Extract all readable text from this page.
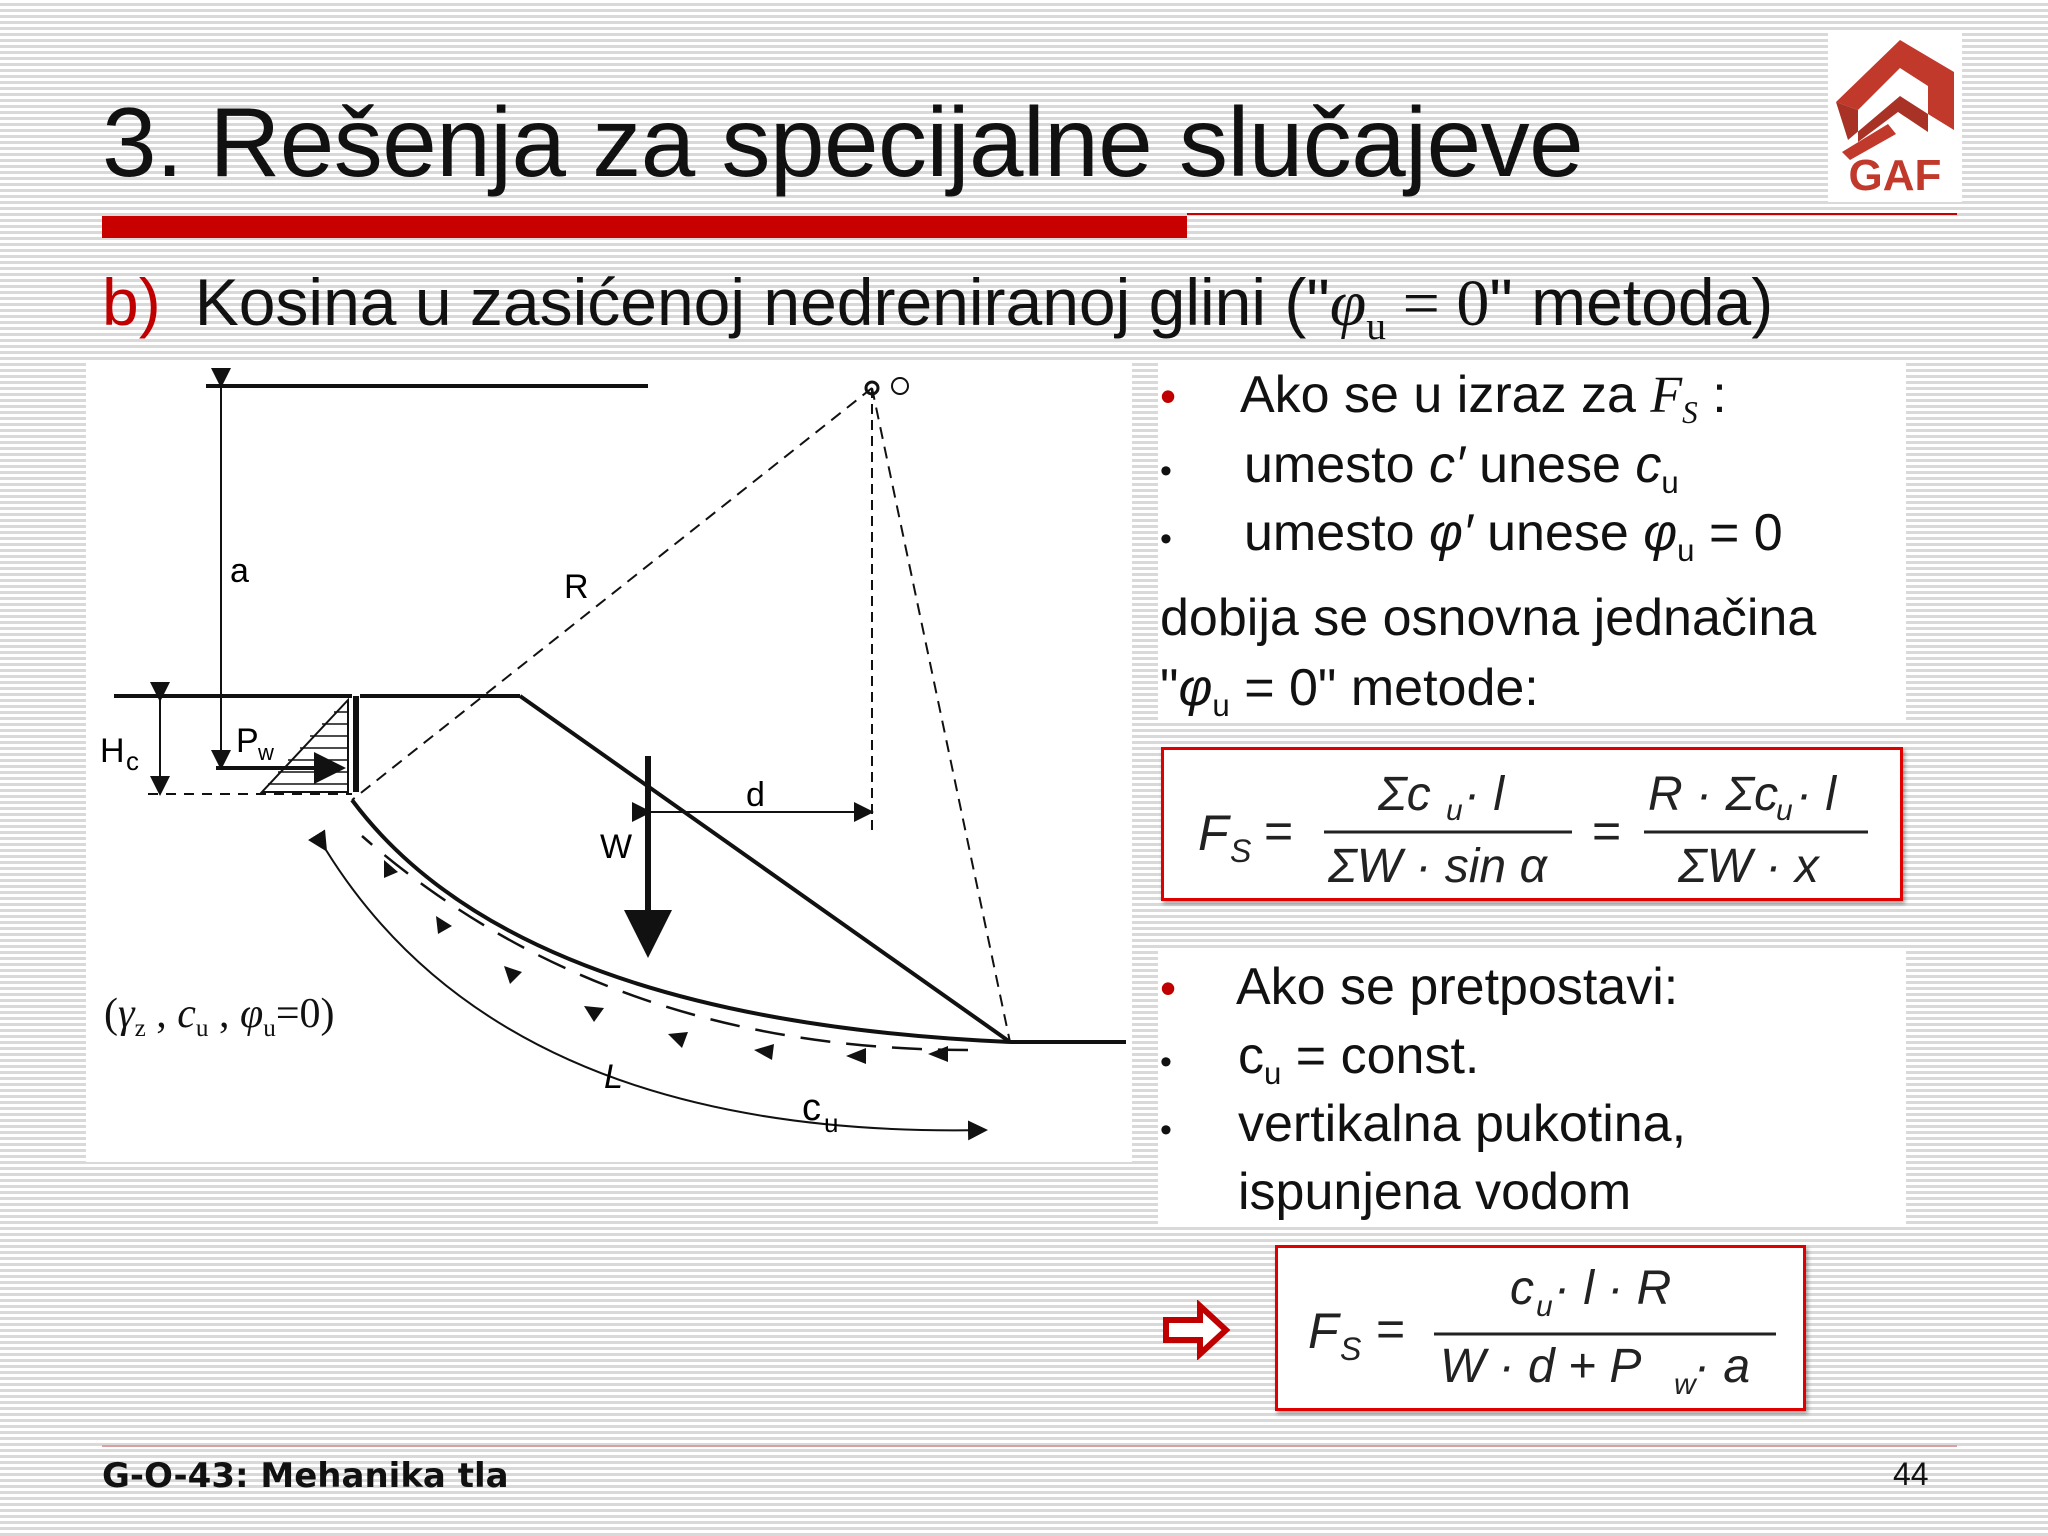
3. Rešenja za specijalne slučajeve	GAF
b) Kosina u zasićenoj nedreniranoj glini ("$\varphi_u = 0$" metoda)
a
H c
P w
R
d
W
L
c u
($\gamma_z$ , $c_u$ , $\varphi_u=0$)
• Ako se u izraz za $F_S$ :
• umesto c′ unese $c_u$
• umesto φ′ unese $\varphi_u = 0$
dobija se osnovna jednačina
"$\varphi_u = 0$" metode:
F S =
Σc u · l
ΣW · sin α
=
R · Σc
u · l
ΣW · x
• Ako se pretpostavi:
• $c_u$ = const.
• vertikalna pukotina,
ispunjena vodom
F S =
c u · l · R
W · d + P w
· a
G-O-43: Mehanika tla	44
